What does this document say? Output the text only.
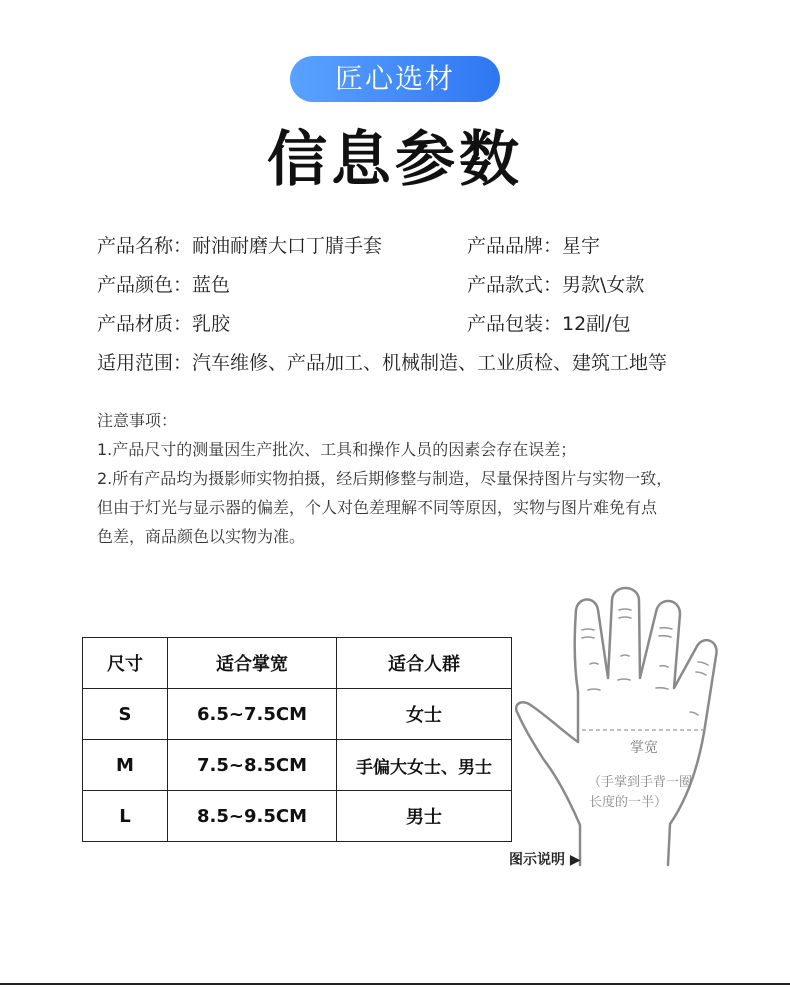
匠心选材
信息参数
产品名称：耐油耐磨大口丁腈手套	产品品牌：星宇
产品颜色：蓝色	产品款式：男款\女款
产品材质：乳胶	产品包装：12副/包
适用范围：汽车维修、产品加工、机械制造、工业质检、建筑工地等
注意事项：
1.产品尺寸的测量因生产批次、工具和操作人员的因素会存在误差；
2.所有产品均为摄影师实物拍摄，经后期修整与制造，尽量保持图片与实物一致，
但由于灯光与显示器的偏差，个人对色差理解不同等原因，实物与图片难免有点
色差，商品颜色以实物为准。
尺寸	适合掌宽	适合人群
S	6.5~7.5CM	女士
M	7.5~8.5CM	手偏大女士、男士
L	8.5~9.5CM	男士
掌宽
（手掌到手背一圈
长度的一半）
图示说明 ▶
